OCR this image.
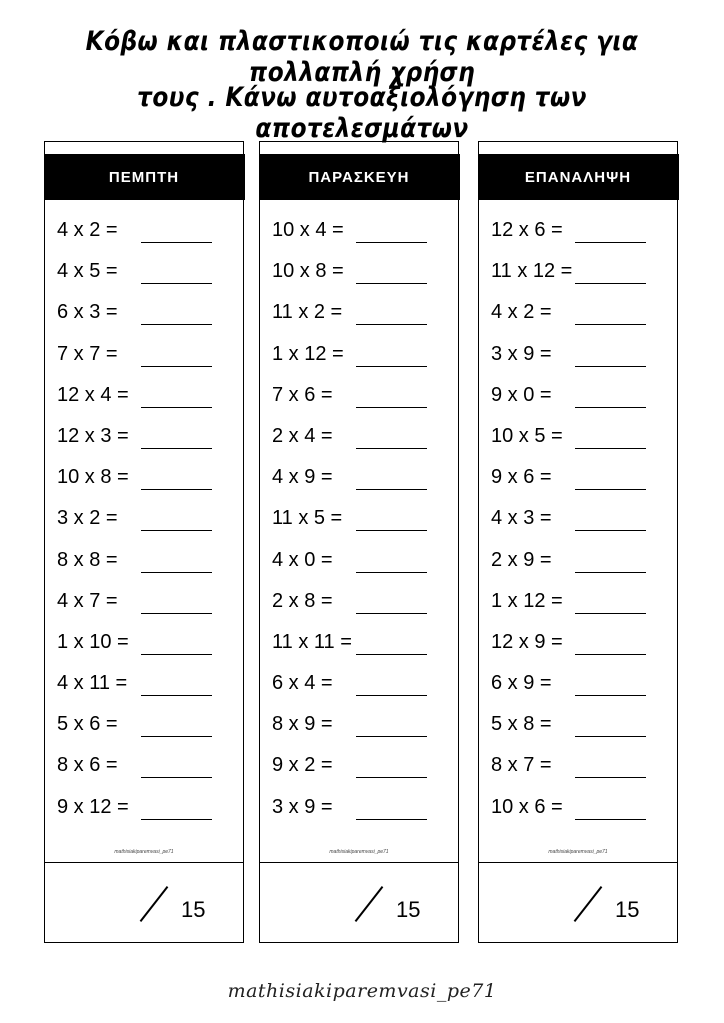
Κόβω και πλαστικοποιώ τις καρτέλες για πολλαπλή χρήση
τους . Κάνω αυτοαξιολόγηση των αποτελεσμάτων
ΠΕΜΠΤΗ
4 x 2 =
4 x 5 =
6 x 3 =
7 x 7 =
12 x 4 =
12 x 3 =
10 x 8 =
3 x 2 =
8 x 8 =
4 x 7 =
1 x 10 =
4 x 11 =
5 x 6 =
8 x 6 =
9 x 12 =
mathisiakiparemvasi_pe71
15
ΠΑΡΑΣΚΕΥΗ
10 x 4 =
10 x 8 =
11 x 2 =
1 x 12 =
7 x 6 =
2 x 4 =
4 x 9 =
11 x 5 =
4 x 0 =
2 x 8 =
11 x 11 =
6 x 4 =
8 x 9 =
9 x 2 =
3 x 9 =
mathisiakiparemvasi_pe71
15
ΕΠΑΝΑΛΗΨΗ
12 x 6 =
11 x 12 =
4 x 2 =
3 x 9 =
9 x 0 =
10 x 5 =
9 x 6 =
4 x 3 =
2 x 9 =
1 x 12 =
12 x 9 =
6 x 9 =
5 x 8 =
8 x 7 =
10 x 6 =
mathisiakiparemvasi_pe71
15
mathisiakiparemvasi_pe71
